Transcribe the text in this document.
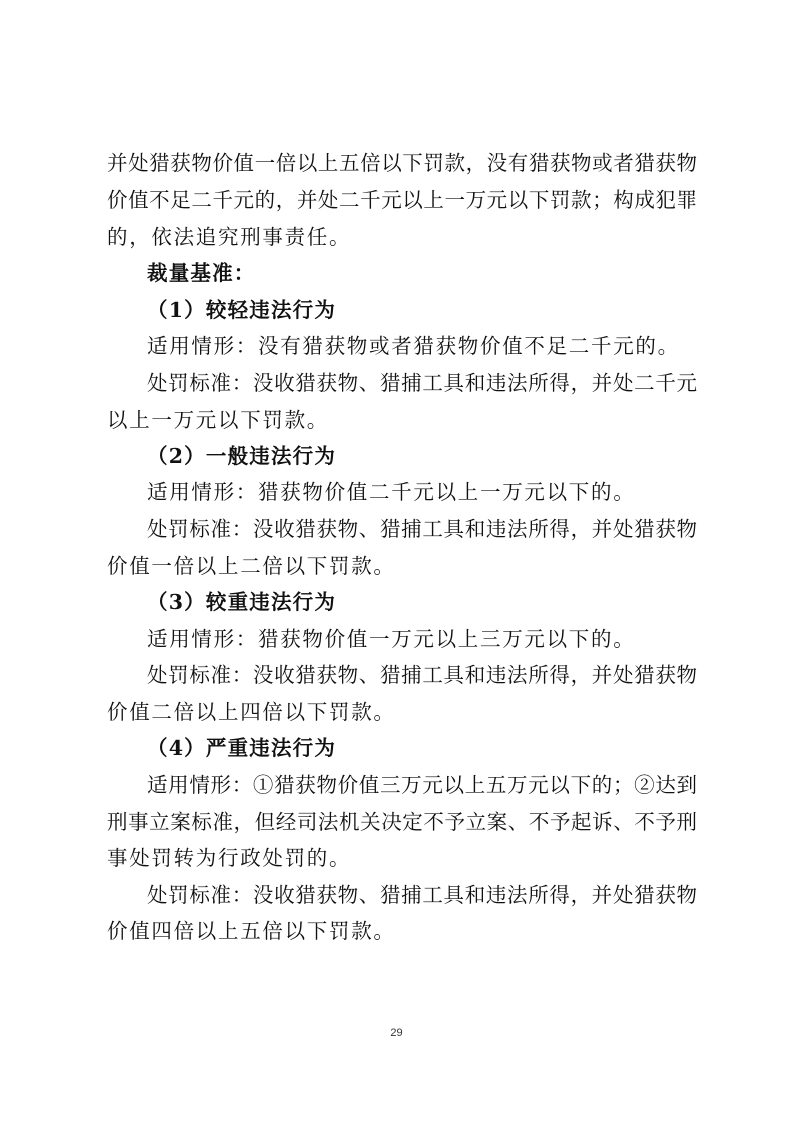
并处猎获物价值一倍以上五倍以下罚款，没有猎获物或者猎获物
价值不足二千元的，并处二千元以上一万元以下罚款；构成犯罪
的，依法追究刑事责任。
裁量基准：
（1）较轻违法行为
适用情形：没有猎获物或者猎获物价值不足二千元的。
处罚标准：没收猎获物、猎捕工具和违法所得，并处二千元
以上一万元以下罚款。
（2）一般违法行为
适用情形：猎获物价值二千元以上一万元以下的。
处罚标准：没收猎获物、猎捕工具和违法所得，并处猎获物
价值一倍以上二倍以下罚款。
（3）较重违法行为
适用情形：猎获物价值一万元以上三万元以下的。
处罚标准：没收猎获物、猎捕工具和违法所得，并处猎获物
价值二倍以上四倍以下罚款。
（4）严重违法行为
适用情形：①猎获物价值三万元以上五万元以下的；②达到
刑事立案标准，但经司法机关决定不予立案、不予起诉、不予刑
事处罚转为行政处罚的。
处罚标准：没收猎获物、猎捕工具和违法所得，并处猎获物
价值四倍以上五倍以下罚款。
29
